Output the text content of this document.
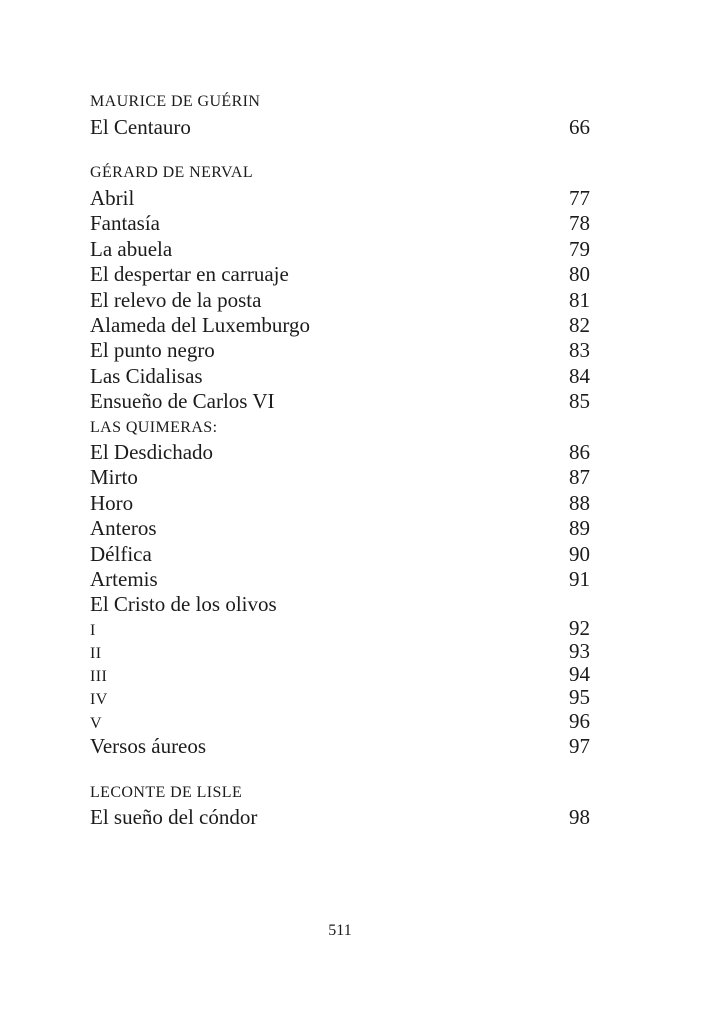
MAURICE DE GUÉRIN
El Centauro	66
GÉRARD DE NERVAL
Abril	77
Fantasía	78
La abuela	79
El despertar en carruaje	80
El relevo de la posta	81
Alameda del Luxemburgo	82
El punto negro	83
Las Cidalisas	84
Ensueño de Carlos VI	85
LAS QUIMERAS:
El Desdichado	86
Mirto	87
Horo	88
Anteros	89
Délfica	90
Artemis	91
El Cristo de los olivos
I	92
II	93
III	94
IV	95
V	96
Versos áureos	97
LECONTE DE LISLE
El sueño del cóndor	98
511
